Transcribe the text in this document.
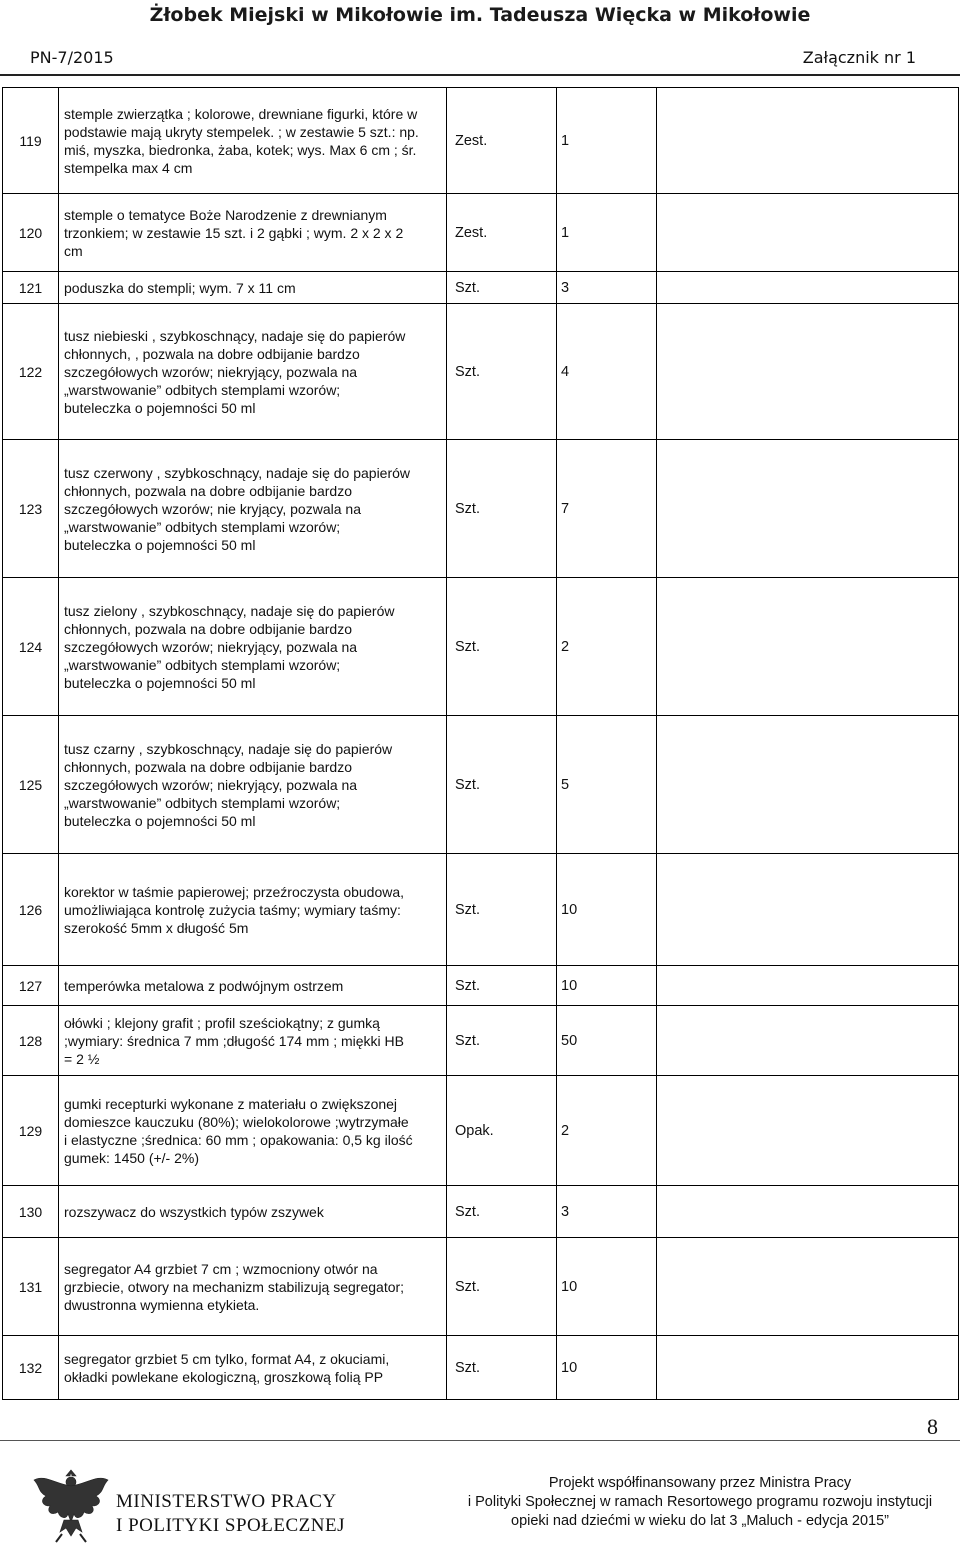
Żłobek Miejski w Mikołowie im. Tadeusza Więcka w Mikołowie
PN-7/2015	Załącznik nr 1
119	stemple zwierzątka ; kolorowe, drewniane figurki, które w
podstawie mają ukryty stempelek. ; w zestawie 5 szt.: np.
miś, myszka, biedronka, żaba, kotek; wys. Max 6 cm ; śr.
stempelka max 4 cm	Zest.	1	
120	stemple o tematyce Boże Narodzenie z drewnianym
trzonkiem; w zestawie 15 szt. i 2 gąbki ; wym. 2 x 2 x 2
cm	Zest.	1	
121	poduszka do stempli; wym. 7 x 11 cm	Szt.	3	
122	tusz niebieski , szybkoschnący, nadaje się do papierów
chłonnych, , pozwala na dobre odbijanie bardzo
szczegółowych wzorów; niekryjący, pozwala na
„warstwowanie” odbitych stemplami wzorów;
buteleczka o pojemności 50 ml	Szt.	4	
123	tusz czerwony , szybkoschnący, nadaje się do papierów
chłonnych, pozwala na dobre odbijanie bardzo
szczegółowych wzorów; nie kryjący, pozwala na
„warstwowanie” odbitych stemplami wzorów;
buteleczka o pojemności 50 ml	Szt.	7	
124	tusz zielony , szybkoschnący, nadaje się do papierów
chłonnych, pozwala na dobre odbijanie bardzo
szczegółowych wzorów; niekryjący, pozwala na
„warstwowanie” odbitych stemplami wzorów;
buteleczka o pojemności 50 ml	Szt.	2	
125	tusz czarny , szybkoschnący, nadaje się do papierów
chłonnych, pozwala na dobre odbijanie bardzo
szczegółowych wzorów; niekryjący, pozwala na
„warstwowanie” odbitych stemplami wzorów;
buteleczka o pojemności 50 ml	Szt.	5	
126	korektor w taśmie papierowej; przeźroczysta obudowa,
umożliwiająca kontrolę zużycia taśmy; wymiary taśmy:
szerokość 5mm x długość 5m	Szt.	10	
127	temperówka metalowa z podwójnym ostrzem	Szt.	10	
128	ołówki ; klejony grafit ; profil sześciokątny; z gumką
;wymiary: średnica 7 mm ;długość 174 mm ; miękki HB
= 2 ½	Szt.	50	
129	gumki recepturki wykonane z materiału o zwiększonej
domieszce kauczuku (80%); wielokolorowe ;wytrzymałe
i elastyczne ;średnica: 60 mm ; opakowania: 0,5 kg ilość
gumek: 1450 (+/- 2%)	Opak.	2	
130	rozszywacz do wszystkich typów zszywek	Szt.	3	
131	segregator A4 grzbiet 7 cm ; wzmocniony otwór na
grzbiecie, otwory na mechanizm stabilizują segregator;
dwustronna wymienna etykieta.	Szt.	10	
132	segregator grzbiet 5 cm tylko, format A4, z okuciami,
okładki powlekane ekologiczną, groszkową folią PP	Szt.	10	
8
MINISTERSTWO PRACY
I POLITYKI SPOŁECZNEJ
Projekt współfinansowany przez Ministra Pracy
i Polityki Społecznej w ramach Resortowego programu rozwoju instytucji
opieki nad dziećmi w wieku do lat 3 „Maluch - edycja 2015”
